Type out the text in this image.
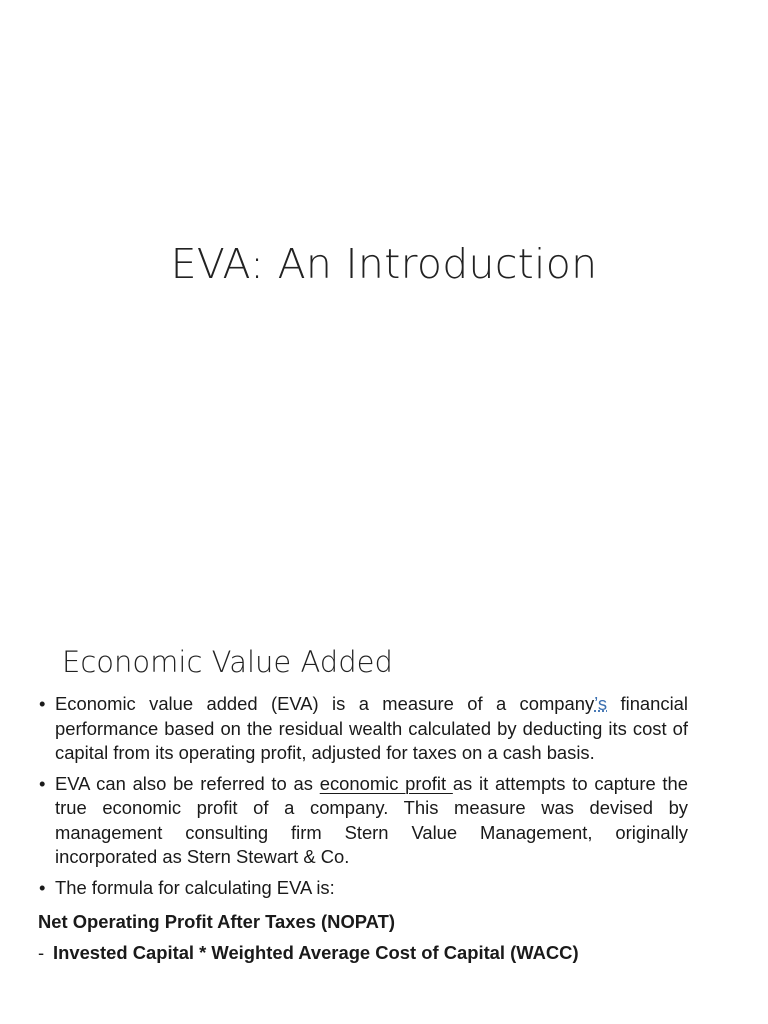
EVA: An Introduction
Economic Value Added
• Economic value added (EVA) is a measure of a company’s financial performance based on the residual wealth calculated by deducting its cost of capital from its operating profit, adjusted for taxes on a cash basis.
• EVA can also be referred to as economic profit as it attempts to capture the true economic profit of a company. This measure was devised by management consulting firm Stern Value Management, originally incorporated as Stern Stewart & Co.
• The formula for calculating EVA is:

Net Operating Profit After Taxes (NOPAT)

- Invested Capital * Weighted Average Cost of Capital (WACC)
